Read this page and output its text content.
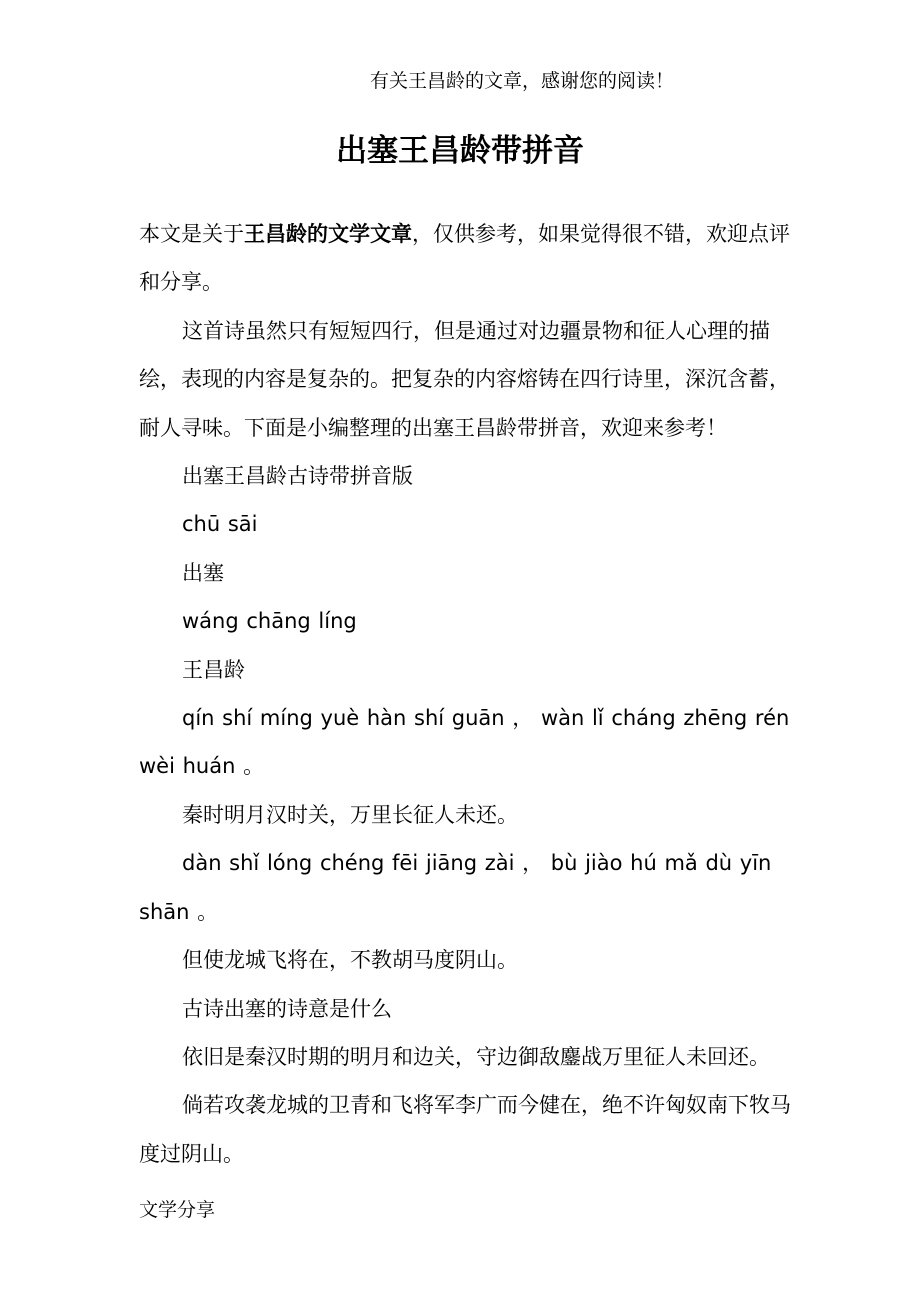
有关王昌龄的文章，感谢您的阅读！
出塞王昌龄带拼音

本文是关于王昌龄的文学文章，仅供参考，如果觉得很不错，欢迎点评和分享。

这首诗虽然只有短短四行，但是通过对边疆景物和征人心理的描绘，表现的内容是复杂的。把复杂的内容熔铸在四行诗里，深沉含蓄，耐人寻味。下面是小编整理的出塞王昌龄带拼音，欢迎来参考！

出塞王昌龄古诗带拼音版

chū sāi

出塞

wáng chāng líng

王昌龄

qín shí míng yuè hàn shí guān ， wàn lǐ cháng zhēng rén wèi huán 。

秦时明月汉时关，万里长征人未还。

dàn shǐ lóng chéng fēi jiāng zài ， bù jiào hú mǎ dù yīn shān 。

但使龙城飞将在，不教胡马度阴山。

古诗出塞的诗意是什么

依旧是秦汉时期的明月和边关，守边御敌鏖战万里征人未回还。

倘若攻袭龙城的卫青和飞将军李广而今健在，绝不许匈奴南下牧马度过阴山。

文学分享
